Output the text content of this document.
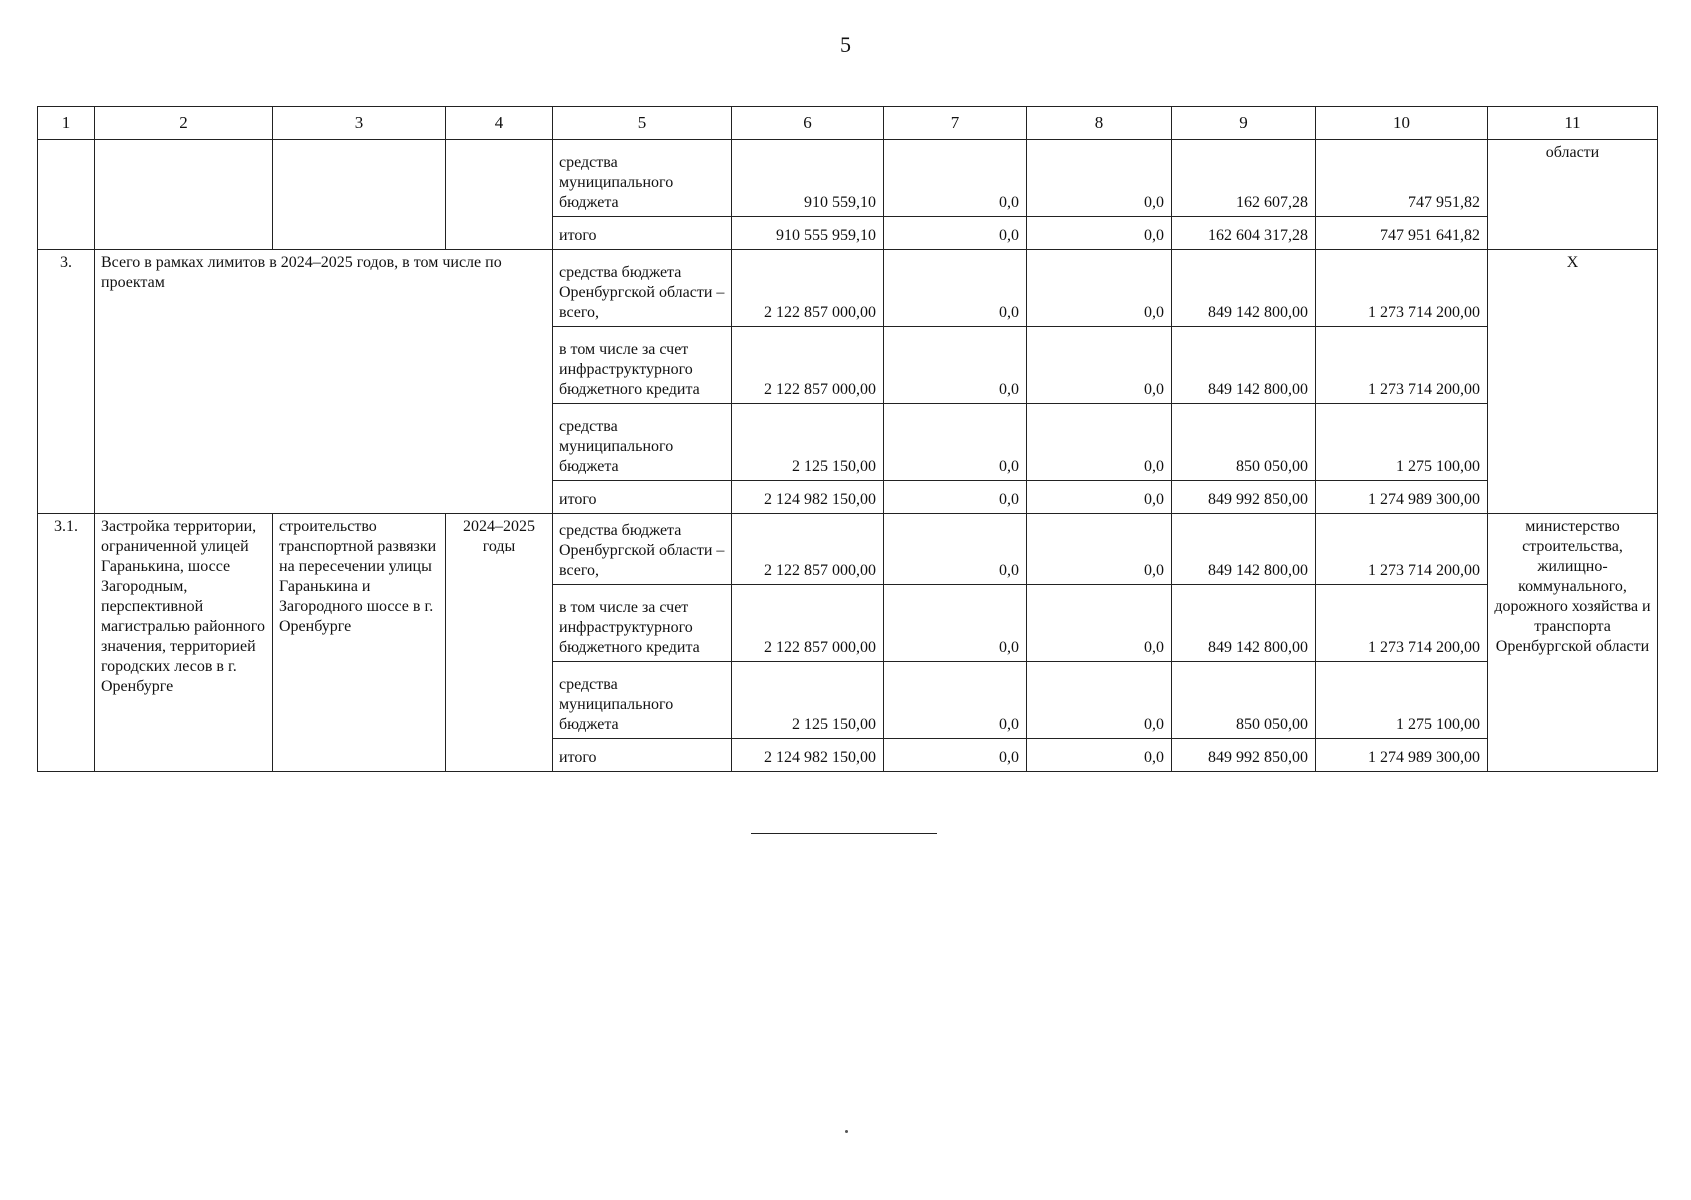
5
1	2	3	4	5	6	7	8	9	10	11
				средства муниципального бюджета	910 559,10	0,0	0,0	162 607,28	747 951,82	области
				итого	910 555 959,10	0,0	0,0	162 604 317,28	747 951 641,82	
3.	Всего в рамках лимитов в 2024–2025 годов, в том числе по проектам			средства бюджета Оренбургской области – всего,	2 122 857 000,00	0,0	0,0	849 142 800,00	1 273 714 200,00	X
				в том числе за счет инфраструктурного бюджетного кредита	2 122 857 000,00	0,0	0,0	849 142 800,00	1 273 714 200,00	
				средства муниципального бюджета	2 125 150,00	0,0	0,0	850 050,00	1 275 100,00	
				итого	2 124 982 150,00	0,0	0,0	849 992 850,00	1 274 989 300,00	
3.1.	Застройка территории, ограниченной улицей Гаранькина, шоссе Загородным, перспективной магистралью районного значения, территорией городских лесов в г. Оренбурге	строительство транспортной развязки на пересечении улицы Гаранькина и Загородного шоссе в г. Оренбурге	2024–2025 годы	средства бюджета Оренбургской области – всего,	2 122 857 000,00	0,0	0,0	849 142 800,00	1 273 714 200,00	министерство строительства, жилищно-коммунального, дорожного хозяйства и транспорта Оренбургской области
				в том числе за счет инфраструктурного бюджетного кредита	2 122 857 000,00	0,0	0,0	849 142 800,00	1 273 714 200,00	
				средства муниципального бюджета	2 125 150,00	0,0	0,0	850 050,00	1 275 100,00	
				итого	2 124 982 150,00	0,0	0,0	849 992 850,00	1 274 989 300,00	
